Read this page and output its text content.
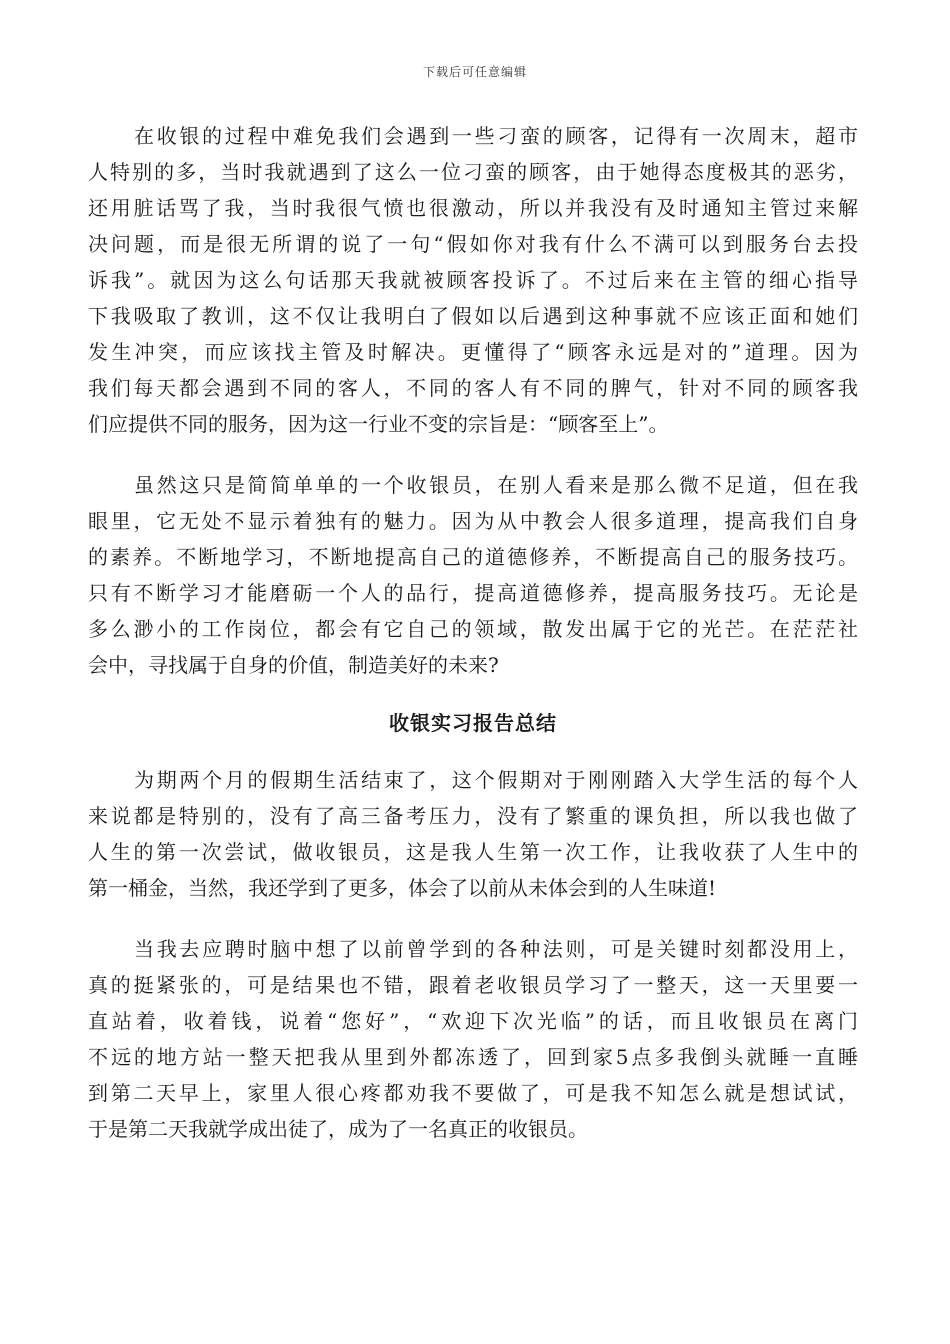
下载后可任意编辑
在收银的过程中难免我们会遇到一些刁蛮的顾客，记得有一次周末，超市
人特别的多，当时我就遇到了这么一位刁蛮的顾客，由于她得态度极其的恶劣，
还用脏话骂了我，当时我很气愤也很激动，所以并我没有及时通知主管过来解
决问题，而是很无所谓的说了一句“假如你对我有什么不满可以到服务台去投
诉我”。就因为这么句话那天我就被顾客投诉了。不过后来在主管的细心指导
下我吸取了教训，这不仅让我明白了假如以后遇到这种事就不应该正面和她们
发生冲突，而应该找主管及时解决。更懂得了“顾客永远是对的”道理。因为
我们每天都会遇到不同的客人，不同的客人有不同的脾气，针对不同的顾客我
们应提供不同的服务，因为这一行业不变的宗旨是：“顾客至上”。
虽然这只是简简单单的一个收银员，在别人看来是那么微不足道，但在我
眼里，它无处不显示着独有的魅力。因为从中教会人很多道理，提高我们自身
的素养。不断地学习，不断地提高自己的道德修养，不断提高自己的服务技巧。
只有不断学习才能磨砺一个人的品行，提高道德修养，提高服务技巧。无论是
多么渺小的工作岗位，都会有它自己的领域，散发出属于它的光芒。在茫茫社
会中，寻找属于自身的价值，制造美好的未来?
收银实习报告总结
为期两个月的假期生活结束了，这个假期对于刚刚踏入大学生活的每个人
来说都是特别的，没有了高三备考压力，没有了繁重的课负担，所以我也做了
人生的第一次尝试，做收银员，这是我人生第一次工作，让我收获了人生中的
第一桶金，当然，我还学到了更多，体会了以前从未体会到的人生味道!
当我去应聘时脑中想了以前曾学到的各种法则，可是关键时刻都没用上，
真的挺紧张的，可是结果也不错，跟着老收银员学习了一整天，这一天里要一
直站着，收着钱，说着“您好”，“欢迎下次光临”的话，而且收银员在离门
不远的地方站一整天把我从里到外都冻透了，回到家5点多我倒头就睡一直睡
到第二天早上，家里人很心疼都劝我不要做了，可是我不知怎么就是想试试，
于是第二天我就学成出徒了，成为了一名真正的收银员。
